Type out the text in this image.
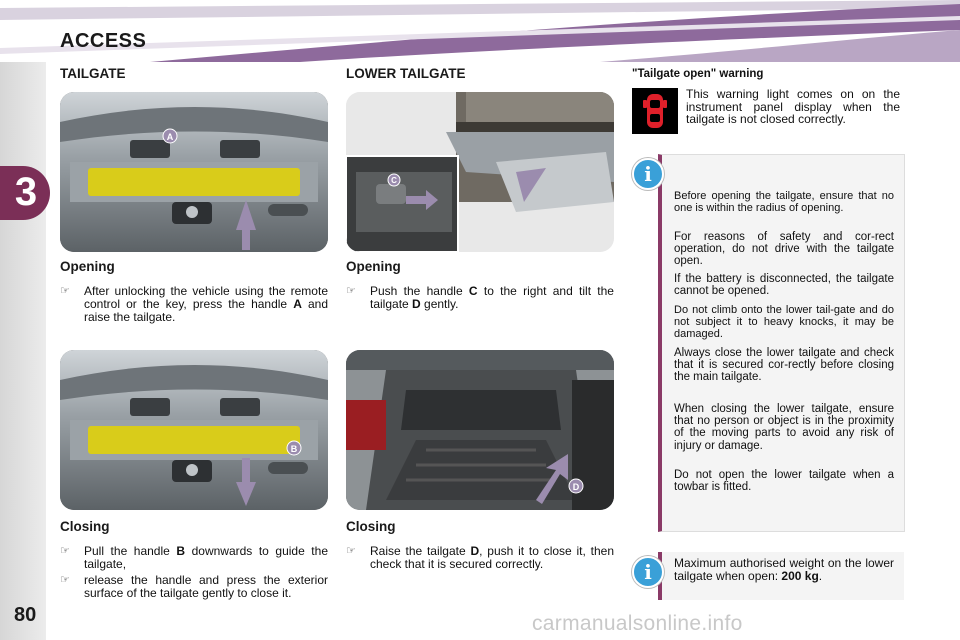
ACCESS
3
80
TAILGATE	LOWER TAILGATE
A
C
Opening
☞	After unlocking the vehicle using the remote control or the key, press the handle A and raise the tailgate.
Opening
☞	Push the handle C to the right and tilt the tailgate D gently.
B
D
Closing
☞	Pull the handle B downwards to guide the tailgate,
☞	release the handle and press the exterior surface of the tailgate gently to close it.
Closing
☞	Raise the tailgate D, push it to close it, then check that it is secured correctly.
"Tailgate open" warning
This warning light comes on on the instrument panel display when the tailgate is not closed correctly.
i
Before opening the tailgate, ensure that no one is within the radius of opening.
For reasons of safety and cor-rect operation, do not drive with the tailgate open.
If the battery is disconnected, the tailgate cannot be opened.
Do not climb onto the lower tail-gate and do not subject it to heavy knocks, it may be damaged.
Always close the lower tailgate and check that it is secured cor-rectly before closing the main tailgate.
When closing the lower tailgate, ensure that no person or object is in the proximity of the moving parts to avoid any risk of injury or damage.
Do not open the lower tailgate when a towbar is fitted.
i	Maximum authorised weight on the lower tailgate when open: 200 kg.
carmanualsonline.info
